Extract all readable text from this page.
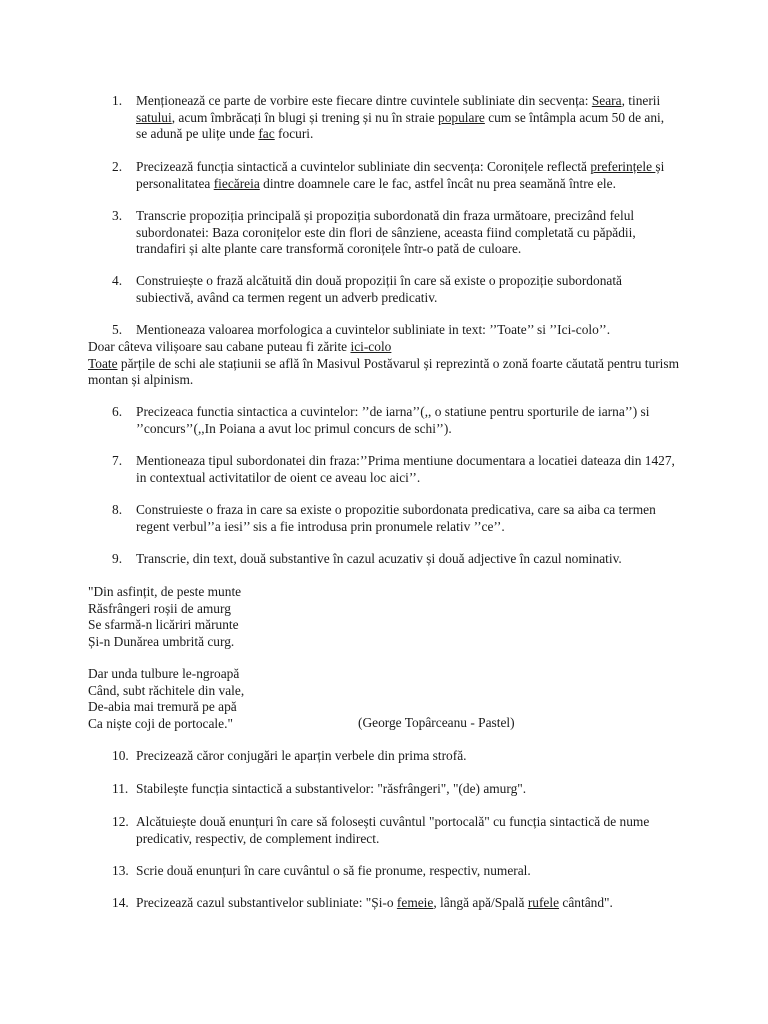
1.	Menționează ce parte de vorbire este fiecare dintre cuvintele subliniate din secvența: Seara, tinerii satului, acum îmbrăcați în blugi și trening și nu în straie populare cum se întâmpla acum 50 de ani, se adună pe ulițe unde fac focuri.
2.	Precizează funcția sintactică a cuvintelor subliniate din secvența: Coronițele reflectă preferințele și personalitatea fiecăreia dintre doamnele care le fac, astfel încât nu prea seamănă între ele.
3.	Transcrie propoziția principală și propoziția subordonată din fraza următoare, precizând felul subordonatei: Baza coronițelor este din flori de sânziene, aceasta fiind completată cu păpădii, trandafiri și alte plante care transformă coronițele într-o pată de culoare.
4.	Construiește o frază alcătuită din două propoziții în care să existe o propoziție subordonată subiectivă, având ca termen regent un adverb predicativ.
5.	Mentioneaza valoarea morfologica a cuvintelor subliniate in text: ’’Toate’’ si ’’Ici-colo’’.
Doar câteva vilișoare sau cabane puteau fi zărite ici-colo
Toate părțile de schi ale stațiunii se află în Masivul Postăvarul și reprezintă o zonă foarte căutată pentru turism montan și alpinism.
6.	Precizeaca functia sintactica a cuvintelor: ’’de iarna’’(,, o statiune pentru sporturile de iarna’’) si ’’concurs’’(,,In Poiana a avut loc primul concurs de schi’’).
7.	Mentioneaza tipul subordonatei din fraza:’’Prima mentiune documentara a locatiei dateaza din 1427, in contextual activitatilor de oient ce aveau loc aici’’.
8.	Construieste o fraza in care sa existe o propozitie subordonata predicativa, care sa aiba ca termen regent verbul’’a iesi’’ sis a fie introdusa prin pronumele relativ ’’ce’’.
9.	Transcrie, din text, două substantive în cazul acuzativ și două adjective în cazul nominativ.
"Din asfințit, de peste munte
Răsfrângeri roșii de amurg
Se sfarmă-n licăriri mărunte
Și-n Dunărea umbrită curg.
Dar unda tulbure le-ngroapă
Când, subt răchitele din vale,
De-abia mai tremură pe apă
Ca niște coji de portocale."	(George Topârceanu - Pastel)
10. Precizează căror conjugări le aparțin verbele din prima strofă.
11. Stabilește funcția sintactică a substantivelor: "răsfrângeri", "(de) amurg".
12. Alcătuiește două enunțuri în care să folosești cuvântul "portocală" cu funcția sintactică de nume predicativ, respectiv, de complement indirect.
13. Scrie două enunțuri în care cuvântul o să fie pronume, respectiv, numeral.
14. Precizează cazul substantivelor subliniate: "Și-o femeie, lângă apă/Spală rufele cântând".
